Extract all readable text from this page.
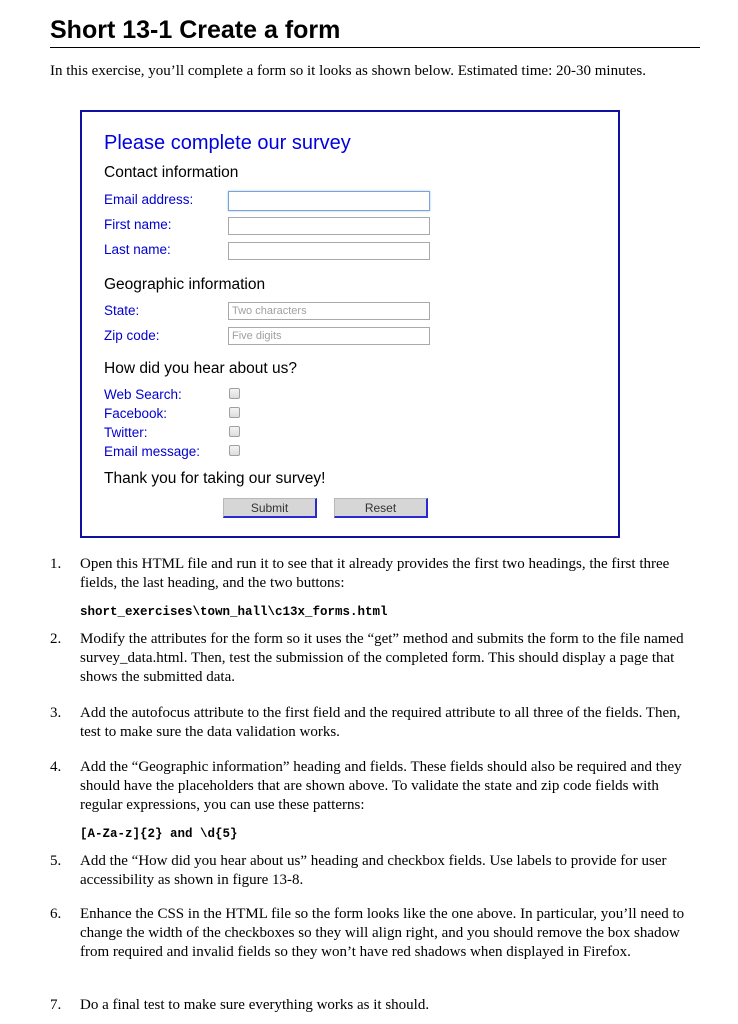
Short 13-1 Create a form
In this exercise, you’ll complete a form so it looks as shown below. Estimated time: 20-30 minutes.
Please complete our survey
Contact information
Email address:
First name:
Last name:
Geographic information
State:
Two characters
Zip code:
Five digits
How did you hear about us?
Web Search:
Facebook:
Twitter:
Email message:
Thank you for taking our survey!
Submit	Reset
1. Open this HTML file and run it to see that it already provides the first two headings, the first three fields, the last heading, and the two buttons:
short_exercises\town_hall\c13x_forms.html
2. Modify the attributes for the form so it uses the “get” method and submits the form to the file named survey_data.html. Then, test the submission of the completed form. This should display a page that shows the submitted data.
3. Add the autofocus attribute to the first field and the required attribute to all three of the fields. Then, test to make sure the data validation works.
4. Add the “Geographic information” heading and fields. These fields should also be required and they should have the placeholders that are shown above. To validate the state and zip code fields with regular expressions, you can use these patterns:
[A-Za-z]{2} and \d{5}
5. Add the “How did you hear about us” heading and checkbox fields. Use labels to provide for user accessibility as shown in figure 13-8.
6. Enhance the CSS in the HTML file so the form looks like the one above. In particular, you’ll need to change the width of the checkboxes so they will align right, and you should remove the box shadow from required and invalid fields so they won’t have red shadows when displayed in Firefox.
7. Do a final test to make sure everything works as it should.
